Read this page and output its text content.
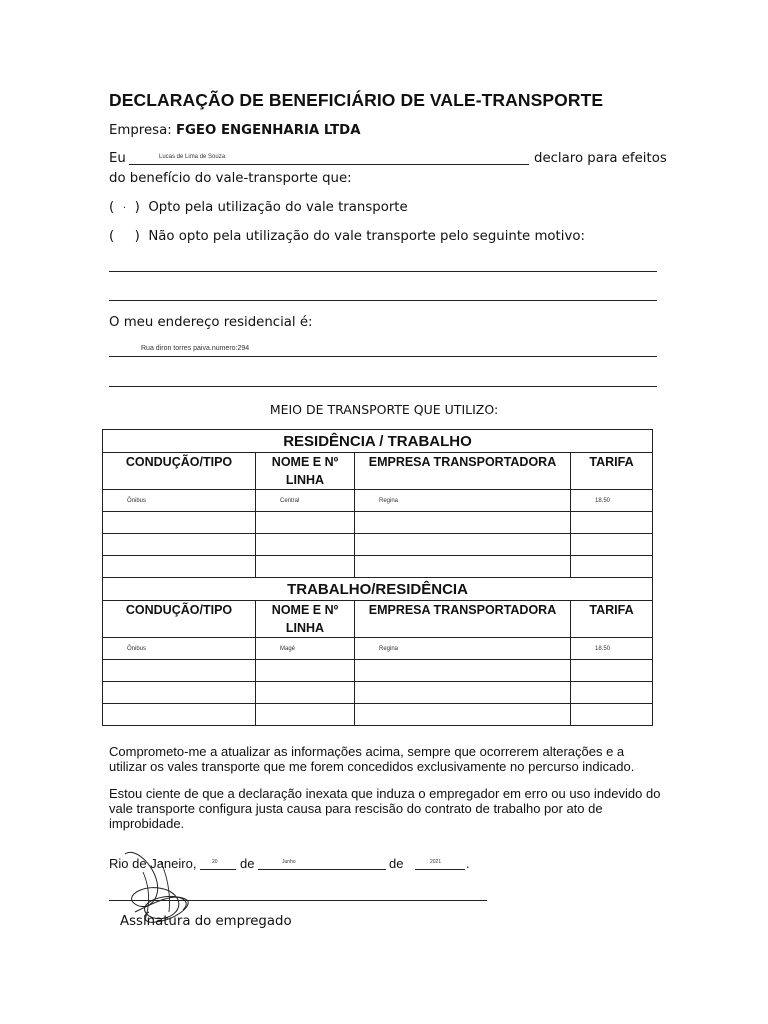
DECLARAÇÃO DE BENEFICIÁRIO DE VALE-TRANSPORTE
Empresa: FGEO ENGENHARIA LTDA
Eu	Lucas de Lima de Souza	declaro para efeitos
do benefício do vale-transporte que:
( · ) Opto pela utilização do vale transporte
(  ) Não opto pela utilização do vale transporte pelo seguinte motivo:
O meu endereço residencial é:
Rua diron torres paiva.numero:294
MEIO DE TRANSPORTE QUE UTILIZO:
RESIDÊNCIA / TRABALHO			
CONDUÇÃO/TIPO	NOME E Nº LINHA	EMPRESA TRANSPORTADORA	TARIFA
Ônibus	Central	Regina	18.50

TRABALHO/RESIDÊNCIA			
CONDUÇÃO/TIPO	NOME E Nº LINHA	EMPRESA TRANSPORTADORA	TARIFA
Ônibus	Magé	Regina	18.50

Comprometo-me a atualizar as informações acima, sempre que ocorrerem alterações e a utilizar os vales transporte que me forem concedidos exclusivamente no percurso indicado.
Estou ciente de que a declaração inexata que induza o empregador em erro ou uso indevido do vale transporte configura justa causa para rescisão do contrato de trabalho por ato de improbidade.
Rio de Janeiro,	20 de	Junho	de	2021 .
Assinatura do empregado
